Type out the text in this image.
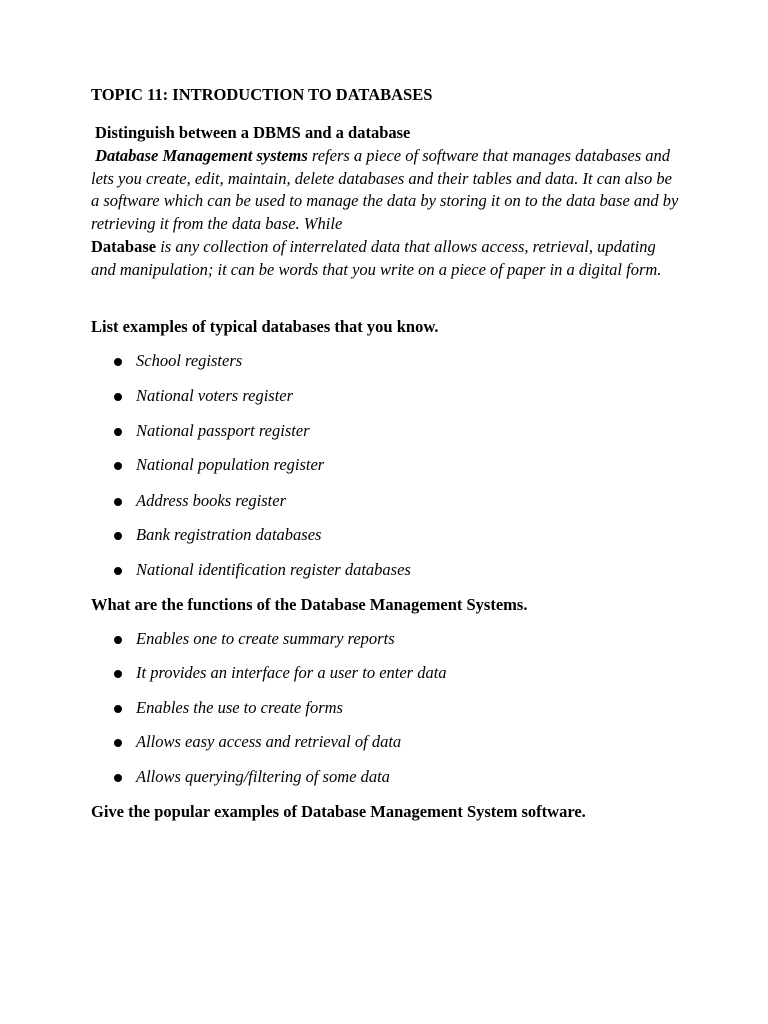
TOPIC 11: INTRODUCTION TO DATABASES
Distinguish between a DBMS and a database

Database Management systems refers a piece of software that manages databases and lets you create, edit, maintain, delete databases and their tables and data. It can also be a software which can be used to manage the data by storing it on to the data base and by retrieving it from the data base. While
Database is any collection of interrelated data that allows access, retrieval, updating and manipulation; it can be words that you write on a piece of paper in a digital form.

List examples of typical databases that you know.

School registers
National voters register
National passport register
National population register
Address books register
Bank registration databases
National identification register databases

What are the functions of the Database Management Systems.

Enables one to create summary reports
It provides an interface for a user to enter data
Enables the use to create forms
Allows easy access and retrieval of data
Allows querying/filtering of some data

Give the popular examples of Database Management System software.
